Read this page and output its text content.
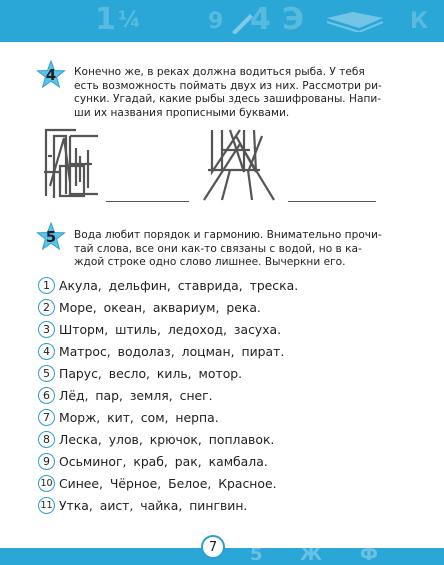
1 ¼	9 4 Э	К
4	Конечно же, в реках должна водиться рыба. У тебя
есть возможность поймать двух из них. Рассмотри ри-
сунки. Угадай, какие рыбы здесь зашифрованы. Напи-
ши их названия прописными буквами.
5	Вода любит порядок и гармонию. Внимательно прочи-
тай слова, все они как-то связаны с водой, но в ка-
ждой строке одно слово лишнее. Вычеркни его.
1 Акула, дельфин, ставрида, треска.
2 Море, океан, аквариум, река.
3 Шторм, штиль, ледоход, засуха.
4 Матрос, водолаз, лоцман, пират.
5 Парус, весло, киль, мотор.
6 Лёд, пар, земля, снег.
7 Морж, кит, сом, нерпа.
8 Леска, улов, крючок, поплавок.
9 Осьминог, краб, рак, камбала.
10 Синее, Чёрное, Белое, Красное.
11 Утка, аист, чайка, пингвин.
5 Ж Ф
7
